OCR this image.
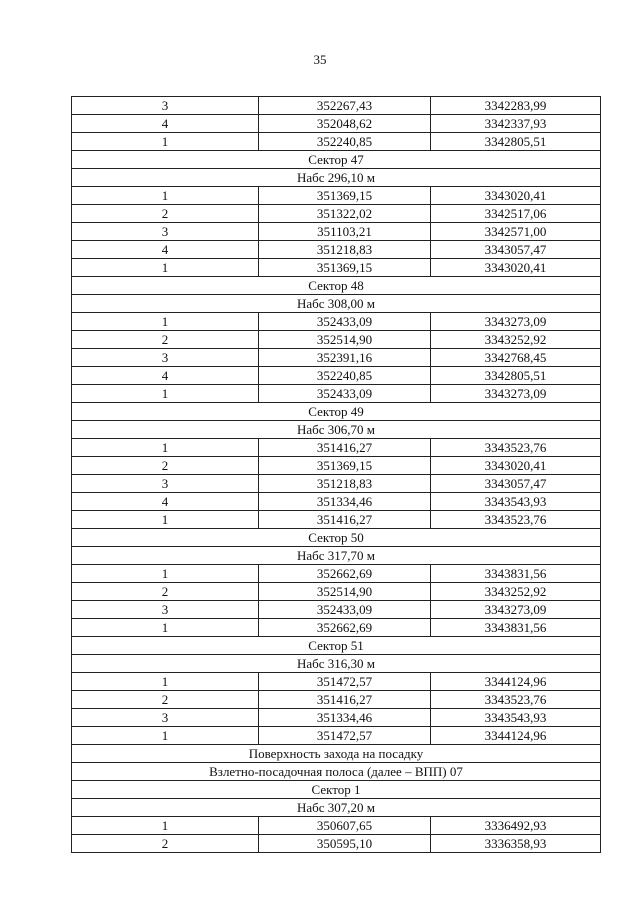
35
3	352267,43	3342283,99
4	352048,62	3342337,93
1	352240,85	3342805,51
Сектор 47		
Набс 296,10 м		
1	351369,15	3343020,41
2	351322,02	3342517,06
3	351103,21	3342571,00
4	351218,83	3343057,47
1	351369,15	3343020,41
Сектор 48		
Набс 308,00 м		
1	352433,09	3343273,09
2	352514,90	3343252,92
3	352391,16	3342768,45
4	352240,85	3342805,51
1	352433,09	3343273,09
Сектор 49		
Набс 306,70 м		
1	351416,27	3343523,76
2	351369,15	3343020,41
3	351218,83	3343057,47
4	351334,46	3343543,93
1	351416,27	3343523,76
Сектор 50		
Набс 317,70 м		
1	352662,69	3343831,56
2	352514,90	3343252,92
3	352433,09	3343273,09
1	352662,69	3343831,56
Сектор 51		
Набс 316,30 м		
1	351472,57	3344124,96
2	351416,27	3343523,76
3	351334,46	3343543,93
1	351472,57	3344124,96
Поверхность захода на посадку		
Взлетно-посадочная полоса (далее – ВПП) 07		
Сектор 1		
Набс 307,20 м		
1	350607,65	3336492,93
2	350595,10	3336358,93
